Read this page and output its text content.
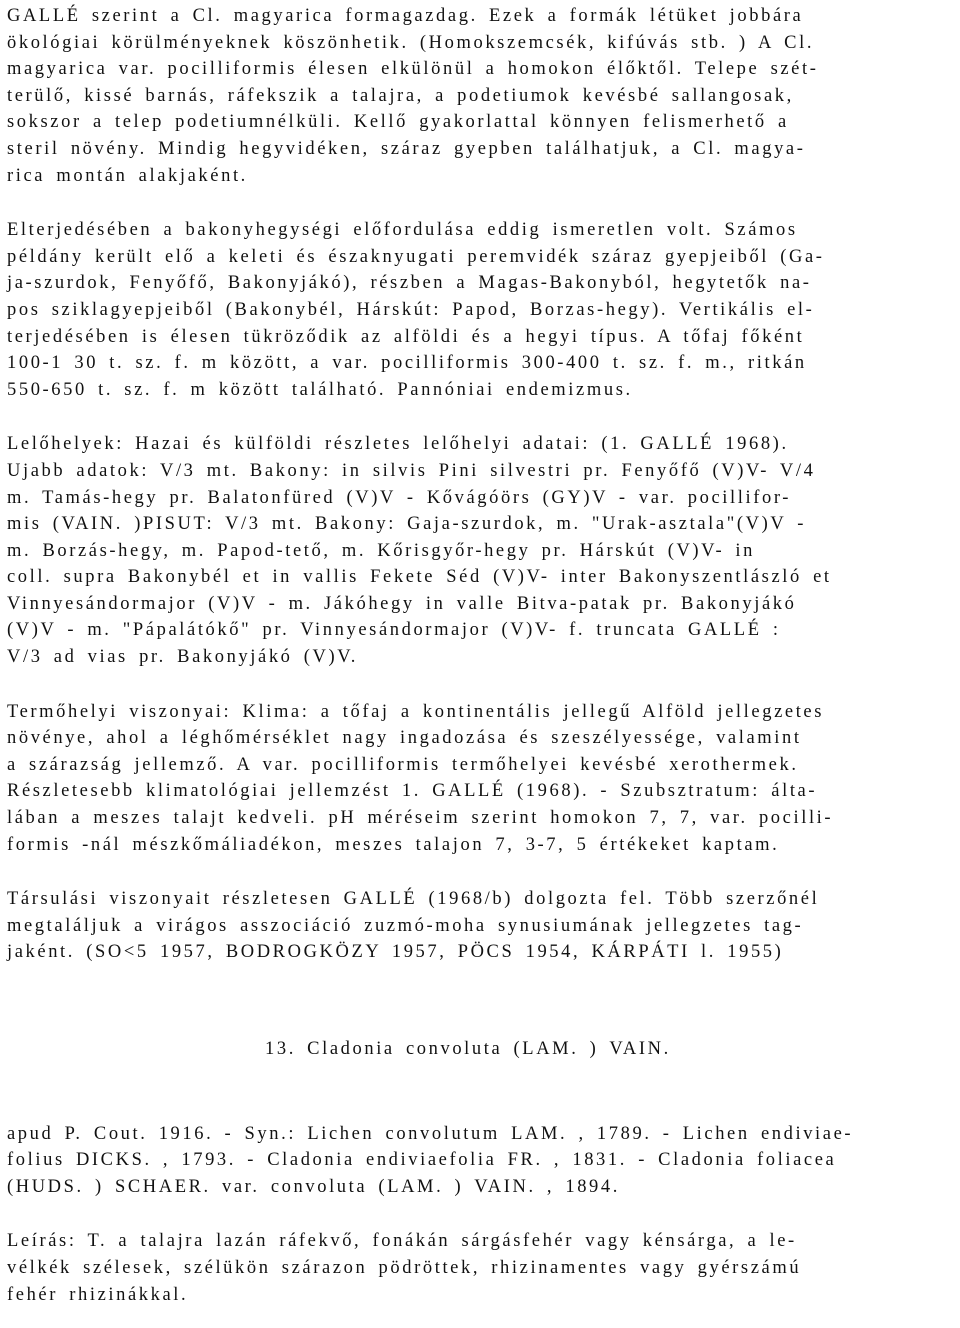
GALLÉ szerint a Cl. magyarica formagazdag. Ezek a formák létüket jobbára
ökológiai körülményeknek köszönhetik. (Homokszemcsék, kifúvás stb. ) A Cl.
magyarica var. pocilliformis élesen elkülönül a homokon élőktől. Telepe szét-
terülő, kissé barnás, ráfekszik a talajra, a podetiumok kevésbé sallangosak,
sokszor a telep podetiumnélküli. Kellő gyakorlattal könnyen felismerhető a
steril növény. Mindig hegyvidéken, száraz gyepben találhatjuk, a Cl. magya-
rica montán alakjaként.
Elterjedésében a bakonyhegységi előfordulása eddig ismeretlen volt. Számos
példány került elő a keleti és északnyugati peremvidék száraz gyepjeiből (Ga-
ja-szurdok, Fenyőfő, Bakonyjákó), részben a Magas-Bakonyból, hegytetők na-
pos sziklagyepjeiből (Bakonybél, Hárskút: Papod, Borzas-hegy). Vertikális el-
terjedésében is élesen tükröződik az alföldi és a hegyi típus. A tőfaj főként
100-1 30 t. sz. f. m között, a var. pocilliformis 300-400 t. sz. f. m., ritkán
550-650 t. sz. f. m között található. Pannóniai endemizmus.
Lelőhelyek: Hazai és külföldi részletes lelőhelyi adatai: (1. GALLÉ 1968).
Ujabb adatok: V/3 mt. Bakony: in silvis Pini silvestri pr. Fenyőfő (V)V- V/4
m. Tamás-hegy pr. Balatonfüred (V)V - Kővágóörs (GY)V - var. pocillifor-
mis (VAIN. )PISUT: V/3 mt. Bakony: Gaja-szurdok, m. "Urak-asztala"(V)V -
m. Borzás-hegy, m. Papod-tető, m. Kőrisgyőr-hegy pr. Hárskút (V)V- in
coll. supra Bakonybél et in vallis Fekete Séd (V)V- inter Bakonyszentlászló et
Vinnyesándormajor (V)V - m. Jákóhegy in valle Bitva-patak pr. Bakonyjákó
(V)V - m. "Pápalátókő" pr. Vinnyesándormajor (V)V- f. truncata GALLÉ :
V/3 ad vias pr. Bakonyjákó (V)V.
Termőhelyi viszonyai: Klima: a tőfaj a kontinentális jellegű Alföld jellegzetes
növénye, ahol a léghőmérséklet nagy ingadozása és szeszélyessége, valamint
a szárazság jellemző. A var. pocilliformis termőhelyei kevésbé xerothermek.
Részletesebb klimatológiai jellemzést 1. GALLÉ (1968). - Szubsztratum: álta-
lában a meszes talajt kedveli. pH méréseim szerint homokon 7, 7, var. pocilli-
formis -nál mészkőmáliadékon, meszes talajon 7, 3-7, 5 értékeket kaptam.
Társulási viszonyait részletesen GALLÉ (1968/b) dolgozta fel. Több szerzőnél
megtaláljuk a virágos asszociáció zuzmó-moha synusiumának jellegzetes tag-
jaként. (SO<5 1957, BODROGKÖZY 1957, PÖCS 1954, KÁRPÁTI l. 1955)
13. Cladonia convoluta (LAM. ) VAIN.
apud P. Cout. 1916. - Syn.: Lichen convolutum LAM. , 1789. - Lichen endiviae-
folius DICKS. , 1793. - Cladonia endiviaefolia FR. , 1831. - Cladonia foliacea
(HUDS. ) SCHAER. var. convoluta (LAM. ) VAIN. , 1894.
Leírás: T. a talajra lazán ráfekvő, fonákán sárgásfehér vagy kénsárga, a le-
vélkék szélesek, szélükön szárazon pödröttek, rhizinamentes vagy gyérszámú
fehér rhizinákkal.
